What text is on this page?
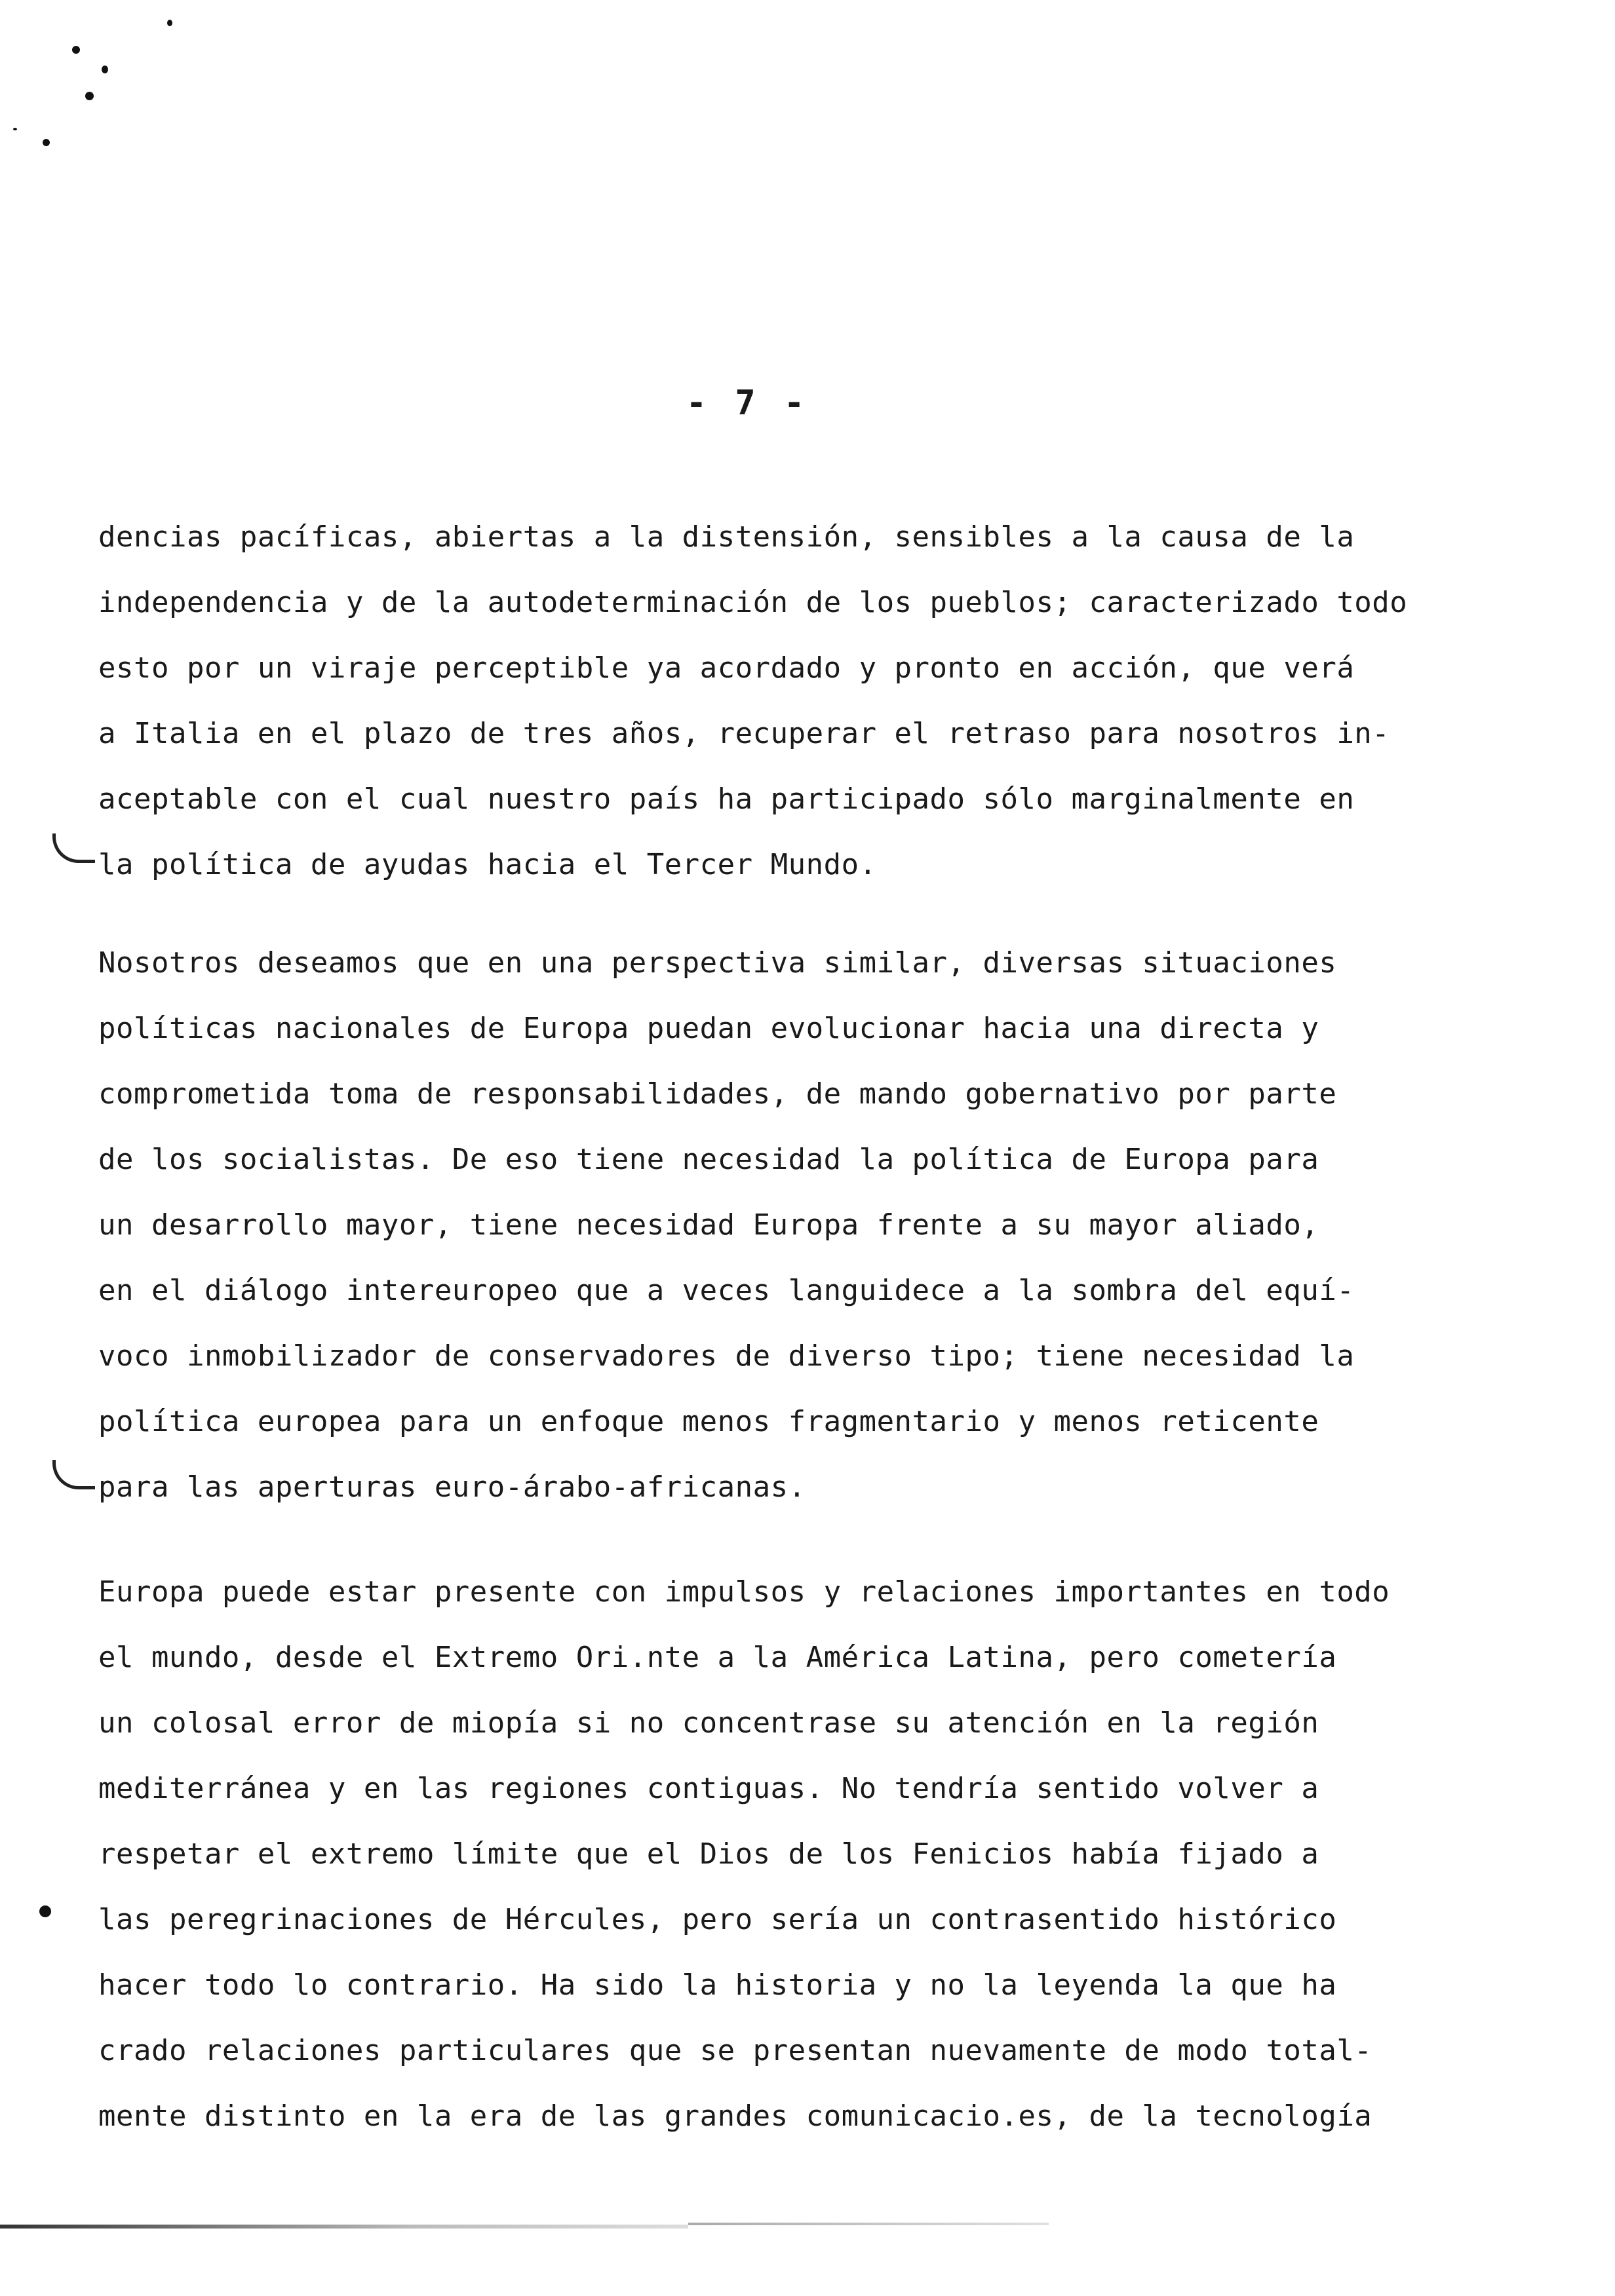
- 7 -
dencias pacíficas, abiertas a la distensión, sensibles a la causa de la
independencia y de la autodeterminación de los pueblos; caracterizado todo
esto por un viraje perceptible ya acordado y pronto en acción, que verá
a Italia en el plazo de tres años, recuperar el retraso para nosotros in-
aceptable con el cual nuestro país ha participado sólo marginalmente en
la política de ayudas hacia el Tercer Mundo.
Nosotros deseamos que en una perspectiva similar, diversas situaciones
políticas nacionales de Europa puedan evolucionar hacia una directa y
comprometida toma de responsabilidades, de mando gobernativo por parte
de los socialistas. De eso tiene necesidad la política de Europa para
un desarrollo mayor, tiene necesidad Europa frente a su mayor aliado,
en el diálogo intereuropeo que a veces languidece a la sombra del equí-
voco inmobilizador de conservadores de diverso tipo; tiene necesidad la
política europea para un enfoque menos fragmentario y menos reticente
para las aperturas euro-árabo-africanas.
Europa puede estar presente con impulsos y relaciones importantes en todo
el mundo, desde el Extremo Ori.nte a la América Latina, pero cometería
un colosal error de miopía si no concentrase su atención en la región
mediterránea y en las regiones contiguas. No tendría sentido volver a
respetar el extremo límite que el Dios de los Fenicios había fijado a
las peregrinaciones de Hércules, pero sería un contrasentido histórico
hacer todo lo contrario. Ha sido la historia y no la leyenda la que ha
crado relaciones particulares que se presentan nuevamente de modo total-
mente distinto en la era de las grandes comunicacio.es, de la tecnología
